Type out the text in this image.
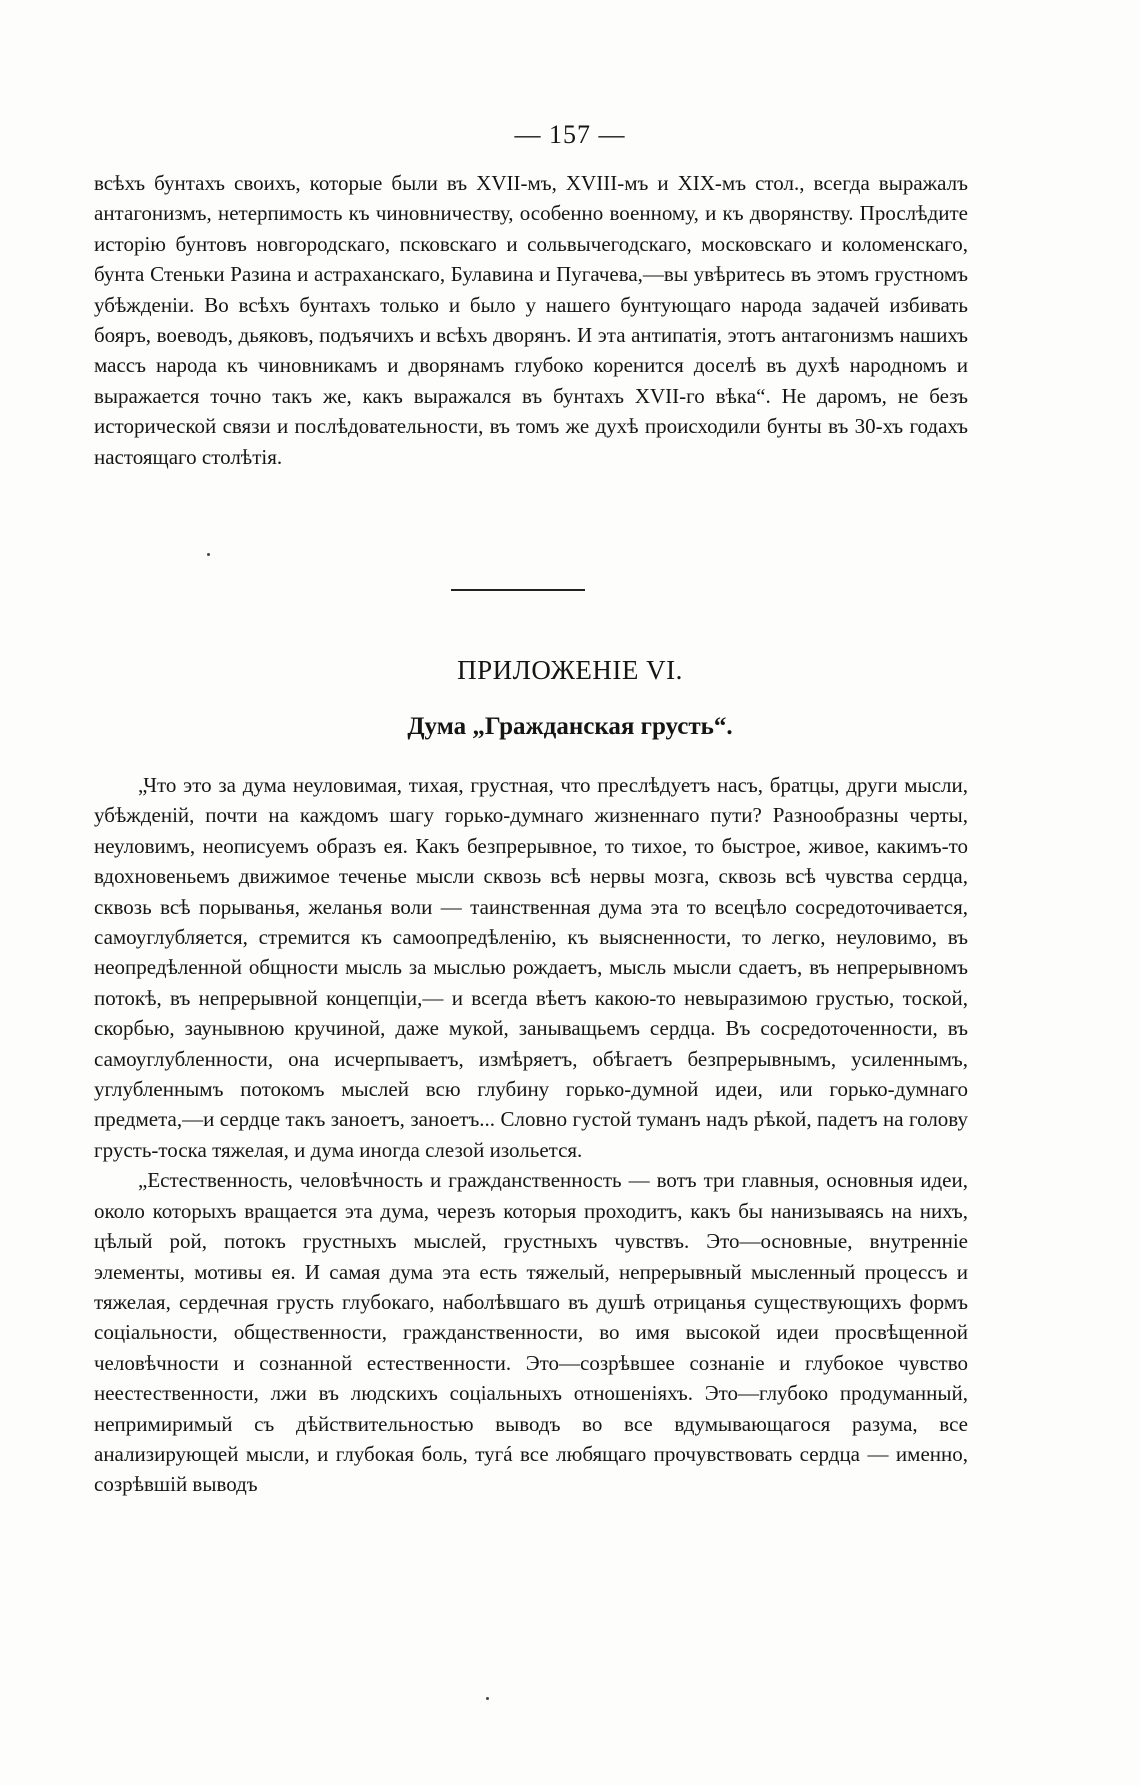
— 157 —

всѣхъ бунтахъ своихъ, которые были въ XVII-мъ, XVIII-мъ и XIX-мъ стол., всегда выражалъ антагонизмъ, нетерпимость къ чиновничеству, особенно военному, и къ дворянству. Прослѣдите исторію бунтовъ новгородскаго, псковскаго и сольвычегодскаго, московскаго и коломенскаго, бунта Стеньки Разина и астраханскаго, Булавина и Пугачева,—вы увѣритесь въ этомъ грустномъ убѣжденіи. Во всѣхъ бунтахъ только и было у нашего бунтующаго народа задачей избивать бояръ, воеводъ, дьяковъ, подъячихъ и всѣхъ дворянъ. И эта антипатія, этотъ антагонизмъ нашихъ массъ народа къ чиновникамъ и дворянамъ глубоко коренится доселѣ въ духѣ народномъ и выражается точно такъ же, какъ выражался въ бунтахъ XVII-го вѣка“. Не даромъ, не безъ исторической связи и послѣдовательности, въ томъ же духѣ происходили бунты въ 30-хъ годахъ настоящаго столѣтія.

ПРИЛОЖЕНІЕ VI.
Дума „Гражданская грусть“.

„Что это за дума неуловимая, тихая, грустная, что преслѣдуетъ насъ, братцы, други мысли, убѣжденій, почти на каждомъ шагу горько-думнаго жизненнаго пути? Разнообразны черты, неуловимъ, неописуемъ образъ ея. Какъ безпрерывное, то тихое, то быстрое, живое, какимъ-то вдохновеньемъ движимое теченье мысли сквозь всѣ нервы мозга, сквозь всѣ чувства сердца, сквозь всѣ порыванья, желанья воли — таинственная дума эта то всецѣло сосредоточивается, самоуглубляется, стремится къ самоопредѣленію, къ выясненности, то легко, неуловимо, въ неопредѣленной общности мысль за мыслью рождаетъ, мысль мысли сдаетъ, въ непрерывномъ потокѣ, въ непрерывной концепціи,— и всегда вѣетъ какою-то невыразимою грустью, тоской, скорбью, заунывною кручиной, даже мукой, заныващьемъ сердца. Въ сосредоточенности, въ самоуглубленности, она исчерпываетъ, измѣряетъ, обѣгаетъ безпрерывнымъ, усиленнымъ, углубленнымъ потокомъ мыслей всю глубину горько-думной идеи, или горько-думнаго предмета,—и сердце такъ заноетъ, заноетъ... Словно густой туманъ надъ рѣкой, падетъ на голову грусть-тоска тяжелая, и дума иногда слезой изольется.

„Естественность, человѣчность и гражданственность — вотъ три главныя, основныя идеи, около которыхъ вращается эта дума, черезъ которыя проходитъ, какъ бы нанизываясь на нихъ, цѣлый рой, потокъ грустныхъ мыслей, грустныхъ чувствъ. Это—основные, внутренніе элементы, мотивы ея. И самая дума эта есть тяжелый, непрерывный мысленный процессъ и тяжелая, сердечная грусть глубокаго, наболѣвшаго въ душѣ отрицанья существующихъ формъ соціальности, общественности, гражданственности, во имя высокой идеи просвѣщенной человѣчности и сознанной естественности. Это—созрѣвшее сознаніе и глубокое чувство неестественности, лжи въ людскихъ соціальныхъ отношеніяхъ. Это—глубоко продуманный, непримиримый съ дѣйствительностью выводъ во все вдумывающагося разума, все анализирующей мысли, и глубокая боль, тугá все любящаго прочувствовать сердца — именно, созрѣвшій выводъ
